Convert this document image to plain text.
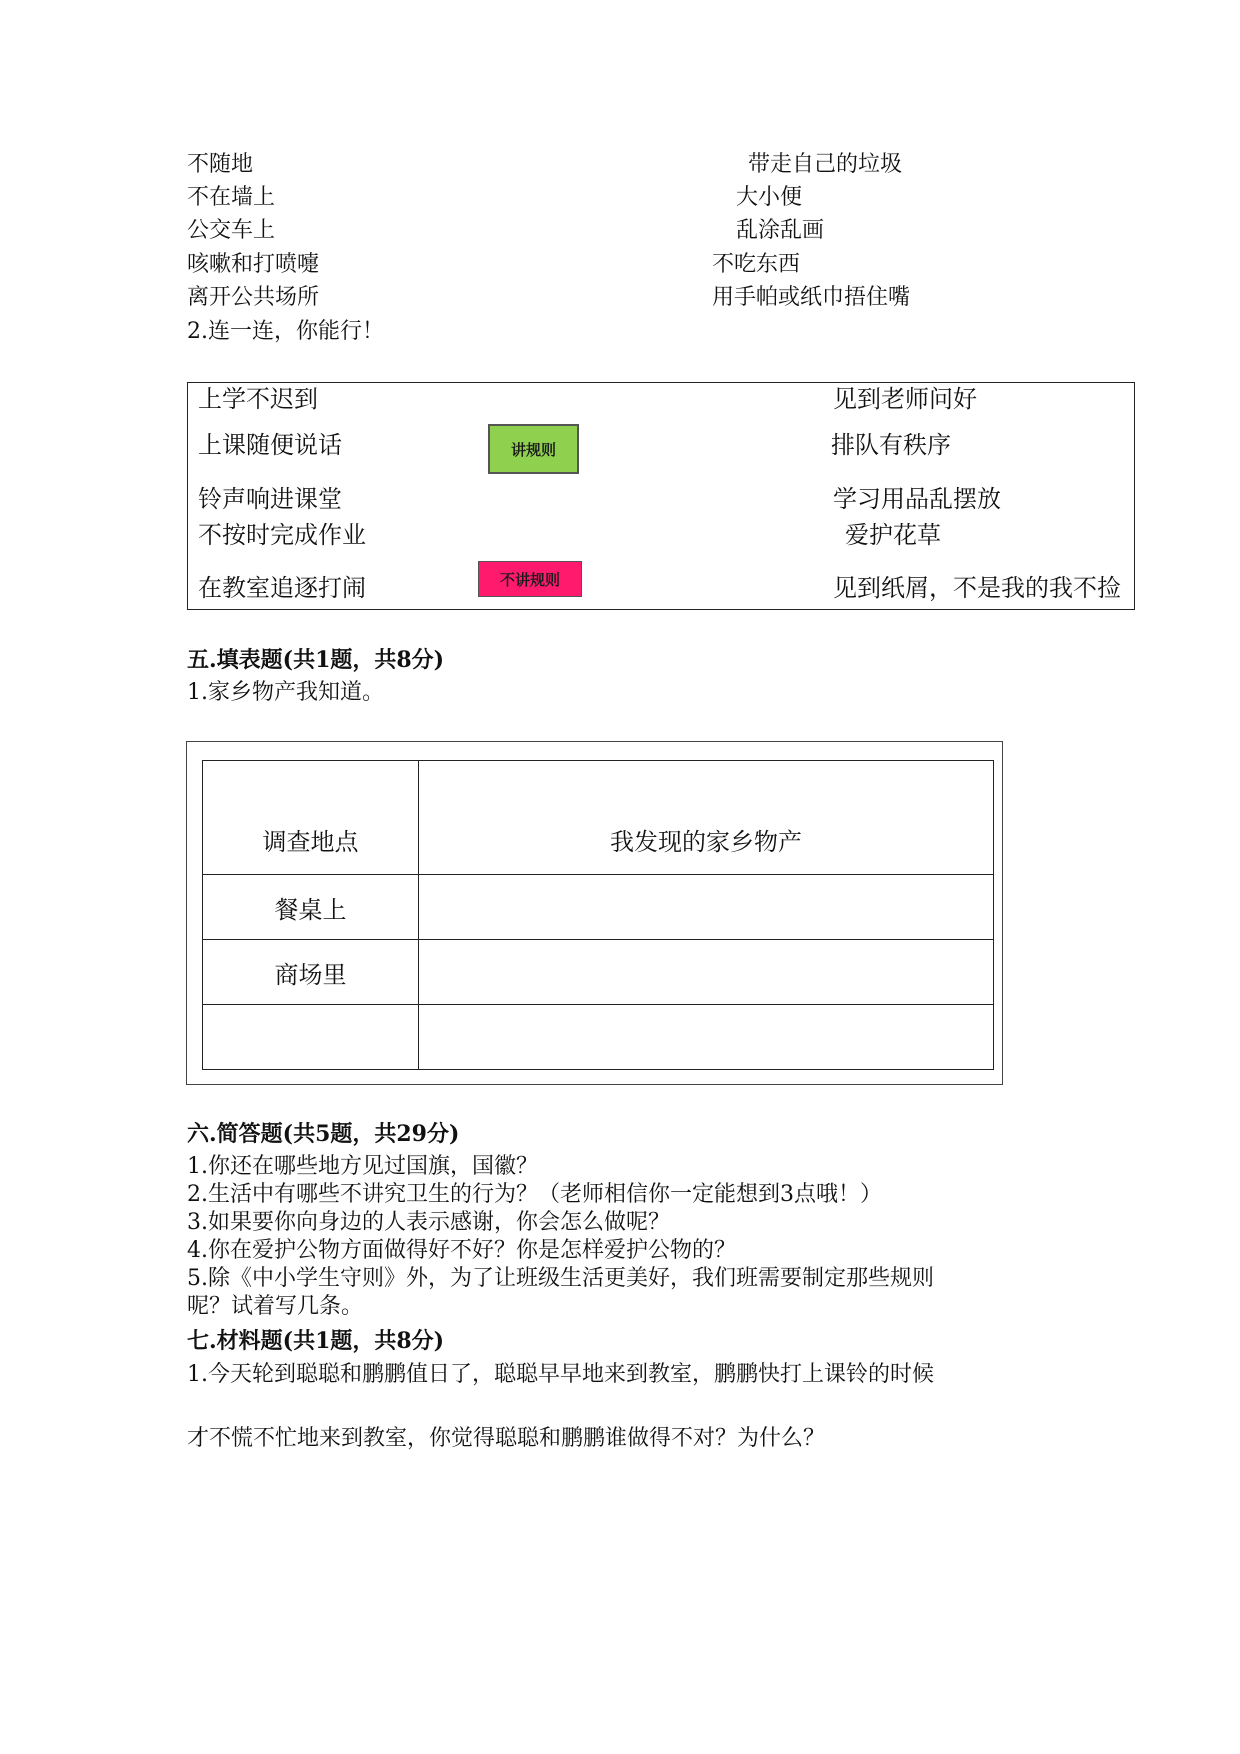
不随地	带走自己的垃圾
不在墙上	大小便
公交车上	乱涂乱画
咳嗽和打喷嚏	不吃东西
离开公共场所	用手帕或纸巾捂住嘴
2.连一连，你能行！
上学不迟到
上课随便说话
铃声响进课堂
不按时完成作业
在教室追逐打闹
讲规则
不讲规则
见到老师问好
排队有秩序
学习用品乱摆放
爱护花草
见到纸屑，不是我的我不捡
五.填表题(共1题，共8分)
1.家乡物产我知道。
调查地点	我发现的家乡物产
餐桌上	
商场里	

六.简答题(共5题，共29分)
1.你还在哪些地方见过国旗，国徽？
2.生活中有哪些不讲究卫生的行为？（老师相信你一定能想到3点哦！）
3.如果要你向身边的人表示感谢，你会怎么做呢？
4.你在爱护公物方面做得好不好？你是怎样爱护公物的？
5.除《中小学生守则》外，为了让班级生活更美好，我们班需要制定那些规则
呢？试着写几条。
七.材料题(共1题，共8分)
1.今天轮到聪聪和鹏鹏值日了，聪聪早早地来到教室，鹏鹏快打上课铃的时候
才不慌不忙地来到教室，你觉得聪聪和鹏鹏谁做得不对？为什么？
